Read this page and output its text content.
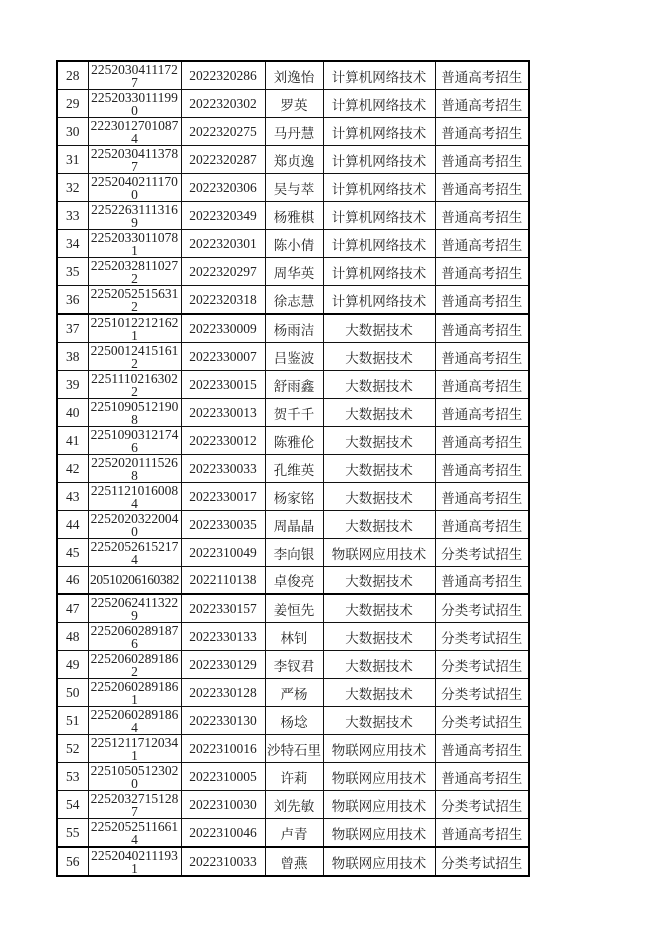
28	22520304111727	2022320286	刘逸怡	计算机网络技术	普通高考招生
29	22520330111990	2022320302	罗英	计算机网络技术	普通高考招生
30	22230127010874	2022320275	马丹慧	计算机网络技术	普通高考招生
31	22520304113787	2022320287	郑贞逸	计算机网络技术	普通高考招生
32	22520402111700	2022320306	吴与萃	计算机网络技术	普通高考招生
33	22522631113169	2022320349	杨雅棋	计算机网络技术	普通高考招生
34	22520330110781	2022320301	陈小倩	计算机网络技术	普通高考招生
35	22520328110272	2022320297	周华英	计算机网络技术	普通高考招生
36	22520525156312	2022320318	徐志慧	计算机网络技术	普通高考招生
37	22510122121621	2022330009	杨雨洁	大数据技术	普通高考招生
38	22500124151612	2022330007	吕鉴波	大数据技术	普通高考招生
39	22511102163022	2022330015	舒雨鑫	大数据技术	普通高考招生
40	22510905121908	2022330013	贺千千	大数据技术	普通高考招生
41	22510903121746	2022330012	陈雅伦	大数据技术	普通高考招生
42	22520201115268	2022330033	孔维英	大数据技术	普通高考招生
43	22511210160084	2022330017	杨家铭	大数据技术	普通高考招生
44	22520203220040	2022330035	周晶晶	大数据技术	普通高考招生
45	22520526152174	2022310049	李向银	物联网应用技术	分类考试招生
46	20510206160382	2022110138	卓俊亮	大数据技术	普通高考招生
47	22520624113229	2022330157	姜恒先	大数据技术	分类考试招生
48	22520602891876	2022330133	林钊	大数据技术	分类考试招生
49	22520602891862	2022330129	李钗君	大数据技术	分类考试招生
50	22520602891861	2022330128	严杨	大数据技术	分类考试招生
51	22520602891864	2022330130	杨埝	大数据技术	分类考试招生
52	22512117120341	2022310016	沙特石里	物联网应用技术	普通高考招生
53	22510505123020	2022310005	许莉	物联网应用技术	普通高考招生
54	22520327151287	2022310030	刘先敏	物联网应用技术	分类考试招生
55	22520525116614	2022310046	卢青	物联网应用技术	普通高考招生
56	22520402111931	2022310033	曾燕	物联网应用技术	分类考试招生
